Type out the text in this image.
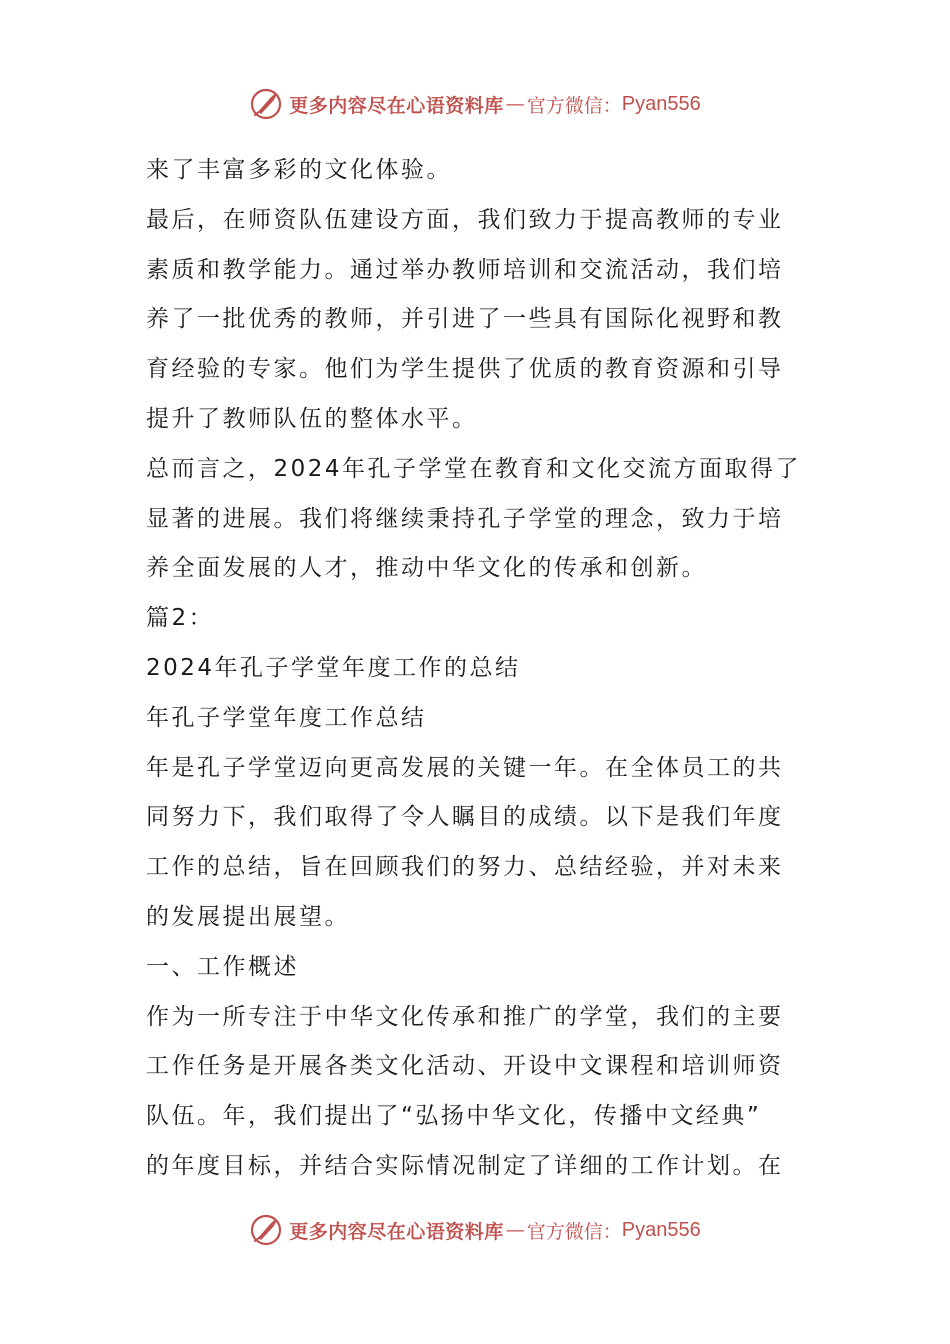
更多内容尽在心语资料库 — 官方微信： Pyan556
来了丰富多彩的文化体验。
最后，在师资队伍建设方面，我们致力于提高教师的专业
素质和教学能力。通过举办教师培训和交流活动，我们培
养了一批优秀的教师，并引进了一些具有国际化视野和教
育经验的专家。他们为学生提供了优质的教育资源和引导
提升了教师队伍的整体水平。
总而言之，2024年孔子学堂在教育和文化交流方面取得了
显著的进展。我们将继续秉持孔子学堂的理念，致力于培
养全面发展的人才，推动中华文化的传承和创新。
篇2：
2024年孔子学堂年度工作的总结
年孔子学堂年度工作总结
年是孔子学堂迈向更高发展的关键一年。在全体员工的共
同努力下，我们取得了令人瞩目的成绩。以下是我们年度
工作的总结，旨在回顾我们的努力、总结经验，并对未来
的发展提出展望。
一、工作概述
作为一所专注于中华文化传承和推广的学堂，我们的主要
工作任务是开展各类文化活动、开设中文课程和培训师资
队伍。年，我们提出了“弘扬中华文化，传播中文经典”
的年度目标，并结合实际情况制定了详细的工作计划。在
更多内容尽在心语资料库 — 官方微信： Pyan556
